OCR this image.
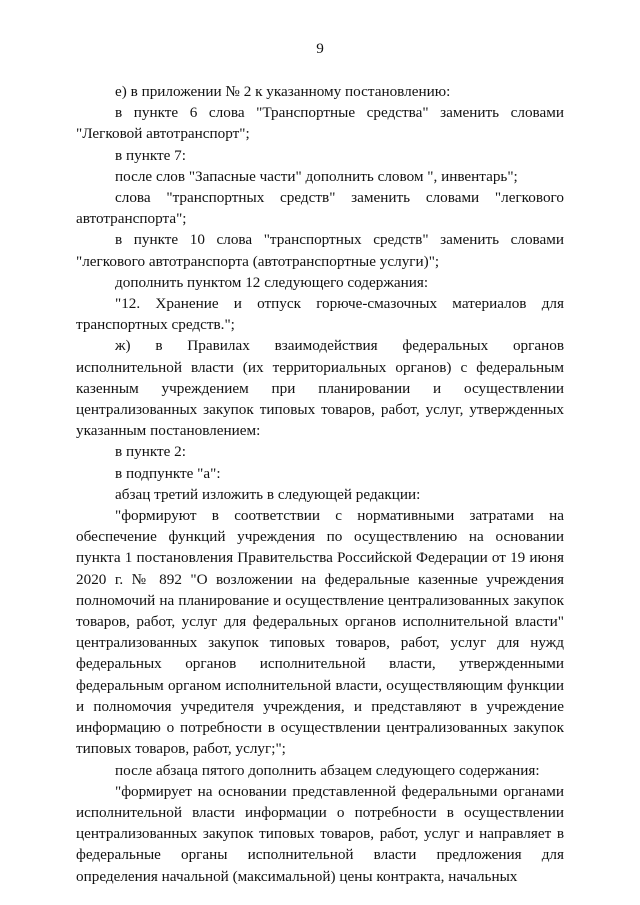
9

е) в приложении № 2 к указанному постановлению:

в пункте 6 слова "Транспортные средства" заменить словами "Легковой автотранспорт";

в пункте 7:

после слов "Запасные части" дополнить словом ", инвентарь";

слова "транспортных средств" заменить словами "легкового автотранспорта";

в пункте 10 слова "транспортных средств" заменить словами "легкового автотранспорта (автотранспортные услуги)";

дополнить пунктом 12 следующего содержания:

"12. Хранение и отпуск горюче-смазочных материалов для транспортных средств.";

ж) в Правилах взаимодействия федеральных органов исполнительной власти (их территориальных органов) с федеральным казенным учреждением при планировании и осуществлении централизованных закупок типовых товаров, работ, услуг, утвержденных указанным постановлением:

в пункте 2:

в подпункте "а":

абзац третий изложить в следующей редакции:

"формируют в соответствии с нормативными затратами на обеспечение функций учреждения по осуществлению на основании пункта 1 постановления Правительства Российской Федерации от 19 июня 2020 г. № 892 "О возложении на федеральные казенные учреждения полномочий на планирование и осуществление централизованных закупок товаров, работ, услуг для федеральных органов исполнительной власти" централизованных закупок типовых товаров, работ, услуг для нужд федеральных органов исполнительной власти, утвержденными федеральным органом исполнительной власти, осуществляющим функции и полномочия учредителя учреждения, и представляют в учреждение информацию о потребности в осуществлении централизованных закупок типовых товаров, работ, услуг;";

после абзаца пятого дополнить абзацем следующего содержания:

"формирует на основании представленной федеральными органами исполнительной власти информации о потребности в осуществлении централизованных закупок типовых товаров, работ, услуг и направляет в федеральные органы исполнительной власти предложения для определения начальной (максимальной) цены контракта, начальных
